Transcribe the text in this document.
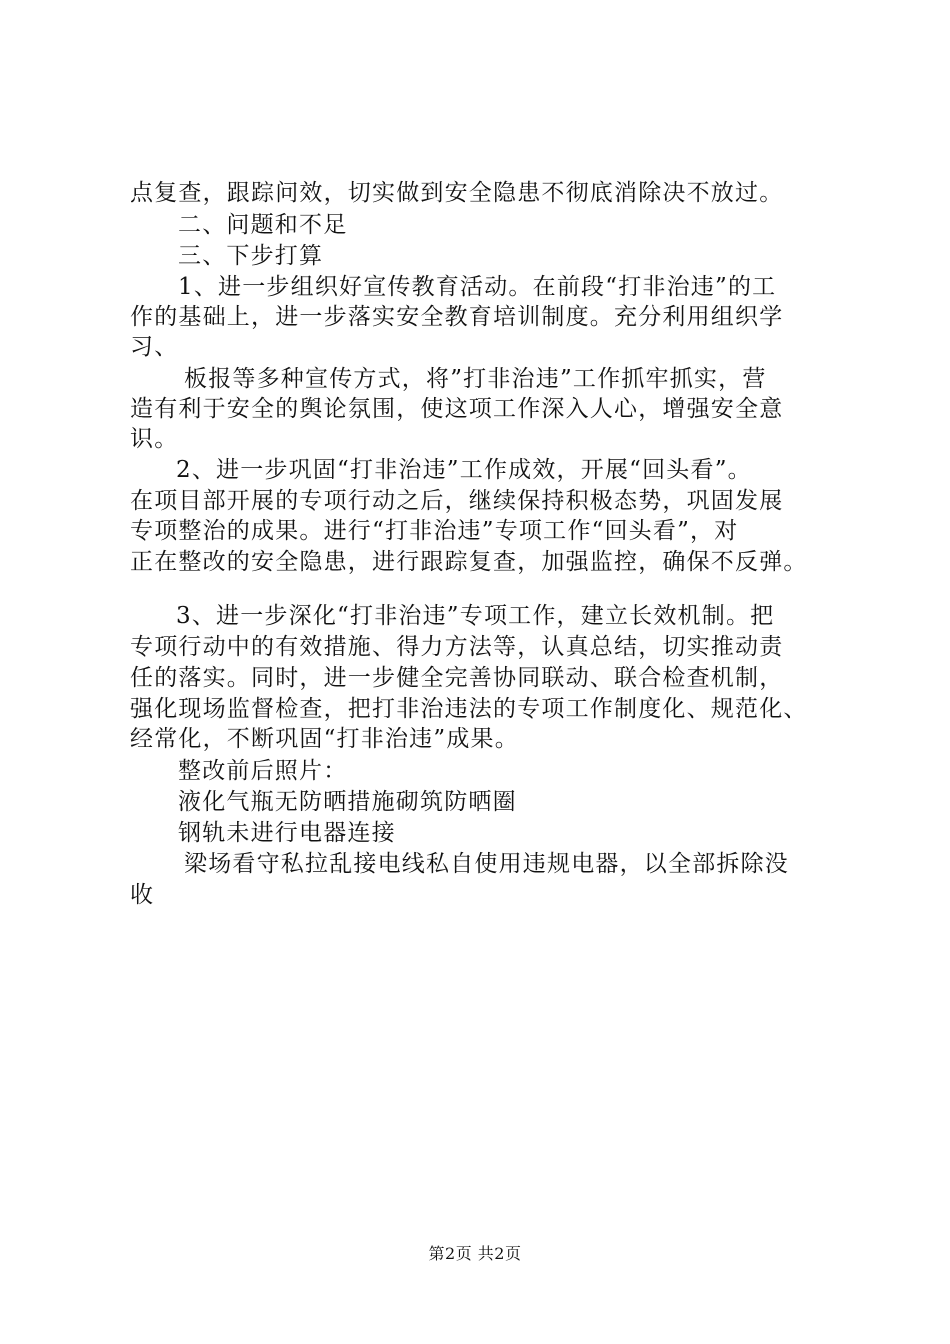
点复查，跟踪问效，切实做到安全隐患不彻底消除决不放过。
二、问题和不足
三、下步打算
1、进一步组织好宣传教育活动。在前段“打非治违”的工
作的基础上，进一步落实安全教育培训制度。充分利用组织学
习、
板报等多种宣传方式，将”打非治违”工作抓牢抓实，营
造有利于安全的舆论氛围，使这项工作深入人心，增强安全意
识。
2、进一步巩固“打非治违”工作成效，开展“回头看”。
在项目部开展的专项行动之后，继续保持积极态势，巩固发展
专项整治的成果。进行“打非治违”专项工作“回头看”，对
正在整改的安全隐患，进行跟踪复查，加强监控，确保不反弹。
3、进一步深化“打非治违”专项工作，建立长效机制。把
专项行动中的有效措施、得力方法等，认真总结，切实推动责
任的落实。同时，进一步健全完善协同联动、联合检查机制，
强化现场监督检查，把打非治违法的专项工作制度化、规范化、
经常化，不断巩固“打非治违”成果。
整改前后照片：
液化气瓶无防晒措施砌筑防晒圈
钢轨未进行电器连接
梁场看守私拉乱接电线私自使用违规电器，以全部拆除没
收
第2页 共2页
